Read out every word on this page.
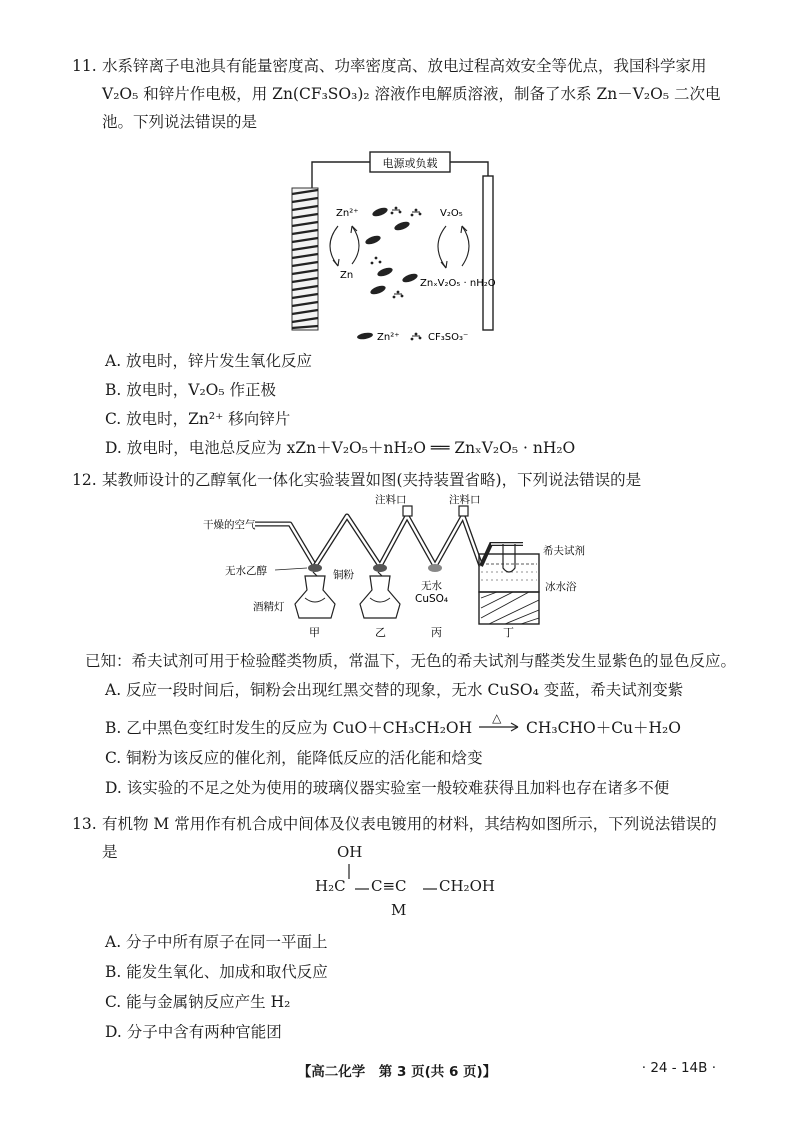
11. 水系锌离子电池具有能量密度高、功率密度高、放电过程高效安全等优点，我国科学家用
V₂O₅ 和锌片作电极，用 Zn(CF₃SO₃)₂ 溶液作电解质溶液，制备了水系 Zn－V₂O₅ 二次电
池。下列说法错误的是
电源或负载
Zn²⁺
Zn
V₂O₅
ZnₓV₂O₅ · nH₂O
Zn²⁺	CF₃SO₃⁻
A. 放电时，锌片发生氧化反应
B. 放电时，V₂O₅ 作正极
C. 放电时，Zn²⁺ 移向锌片
D. 放电时，电池总反应为 xZn＋V₂O₅＋nH₂O ══ ZnₓV₂O₅ · nH₂O
12. 某教师设计的乙醇氧化一体化实验装置如图(夹持装置省略)，下列说法错误的是
干燥的空气
注料口	注料口
希夫试剂
冰水浴
无水乙醇	铜粉
无水
CuSO₄
酒精灯
甲	乙	丙	丁
已知：希夫试剂可用于检验醛类物质，常温下，无色的希夫试剂与醛类发生显紫色的显色反应。
A. 反应一段时间后，铜粉会出现红黑交替的现象，无水 CuSO₄ 变蓝，希夫试剂变紫
B. 乙中黑色变红时发生的反应为 CuO＋CH₃CH₂OH
△
CH₃CHO＋Cu＋H₂O
C. 铜粉为该反应的催化剂，能降低反应的活化能和焓变
D. 该实验的不足之处为使用的玻璃仪器实验室一般较难获得且加料也存在诸多不便
13. 有机物 M 常用作有机合成中间体及仪表电镀用的材料，其结构如图所示，下列说法错误的是	OH
H₂C C≡C CH₂OH
M
A. 分子中所有原子在同一平面上
B. 能发生氧化、加成和取代反应
C. 能与金属钠反应产生 H₂
D. 分子中含有两种官能团
【高二化学　第 3 页(共 6 页)】	· 24 - 14B ·
